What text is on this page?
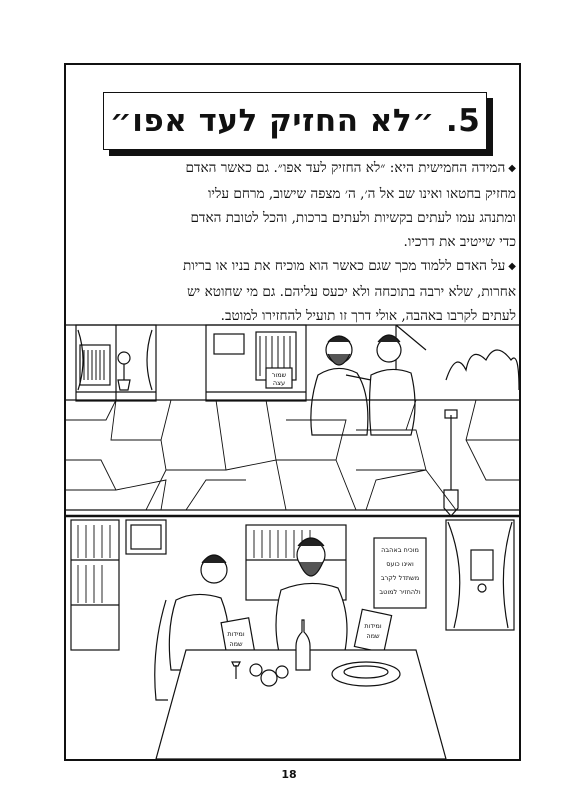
5. ״לא החזיק לעד אפו״
◆המידה החמישית היא: ״לא החזיק לעד אפו״. גם כאשר האדם
מחזיק בחטאו ואינו שב אל ה׳, ה׳ מצפה שישוב, מרחם עליו
ומתנהג עמו לעתים בקשיות ולעתים ברכות, והכל לטובת האדם
כדי שייטיב את דרכיו.
◆על האדם ללמוד מכך שגם כאשר הוא מוכיח את בניו או בריות
אחרות, שלא ירבה בתוכחה ולא יכעס עליהם. גם מי שחוטא יש
לעתים לקרבו באהבה, אולי דרך זו תועיל להחזירו למוטב.
שמור
עצה
מוכיח באהבה
ואינו כועס
משתדל לקרב
ולהחזיר למוטב
ומידות
שמה
ומידות
שמה
18
